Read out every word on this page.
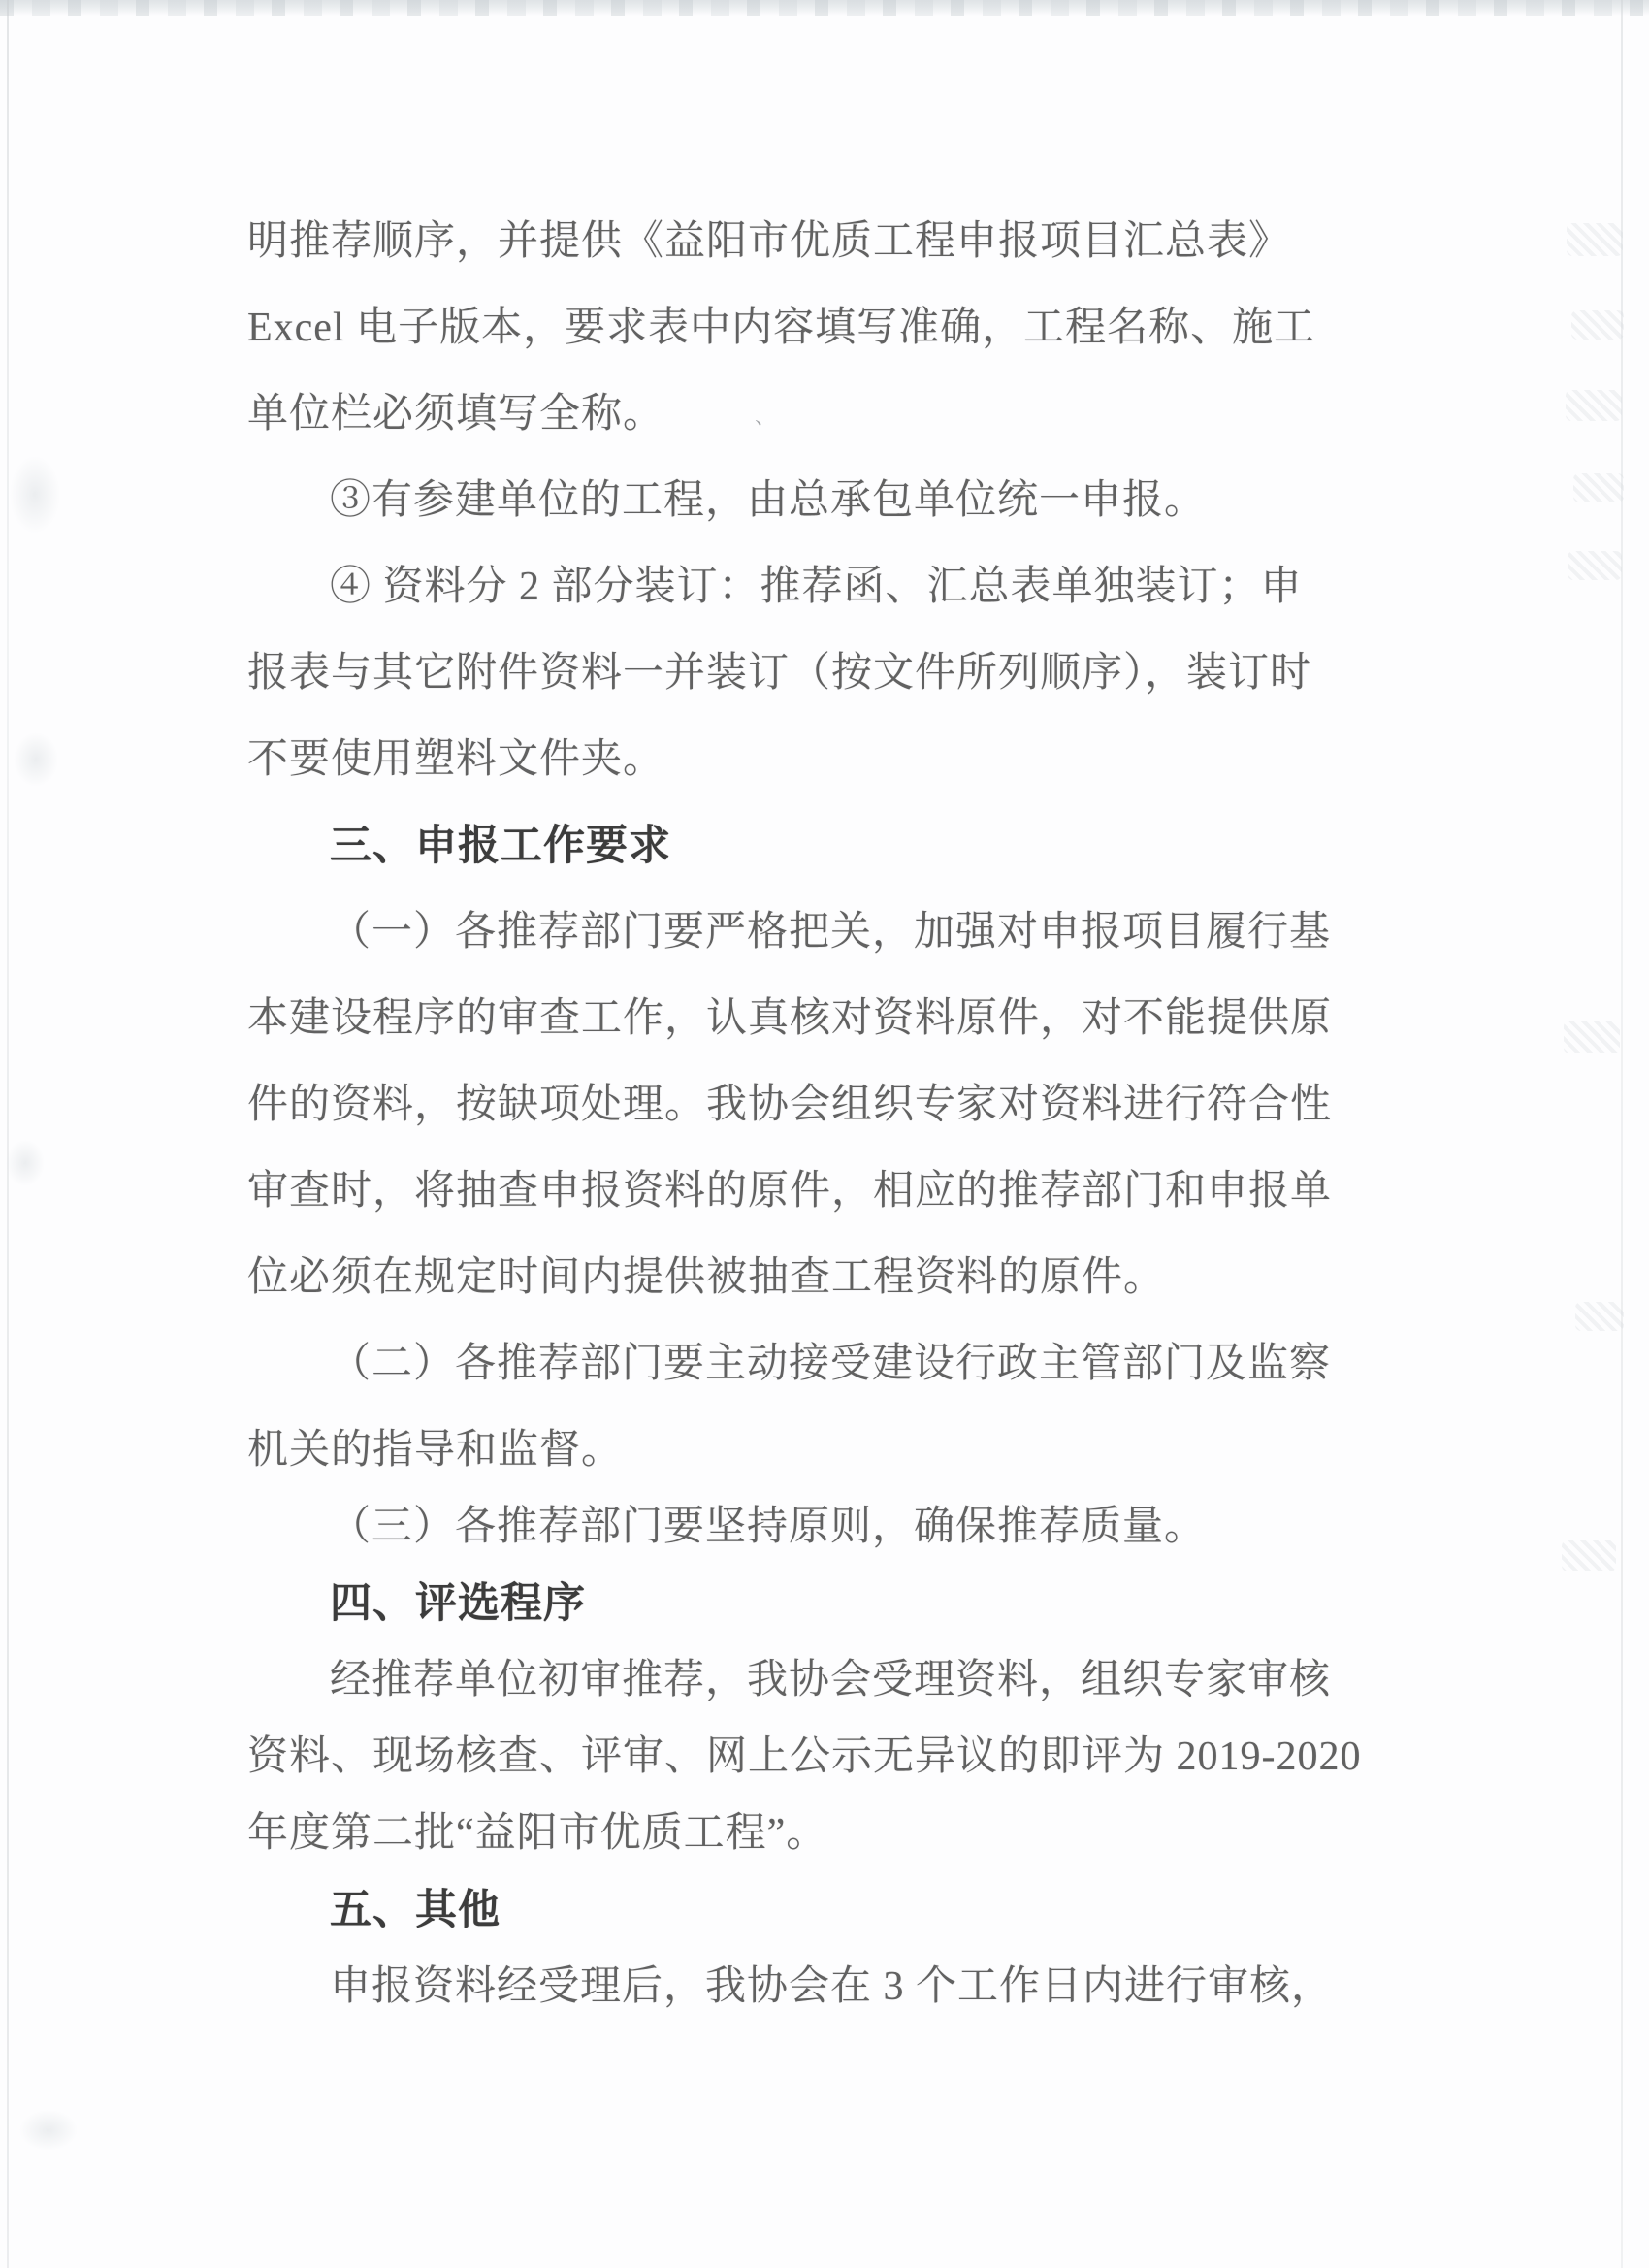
、
明推荐顺序，并提供《益阳市优质工程申报项目汇总表》
Excel 电子版本，要求表中内容填写准确，工程名称、施工
单位栏必须填写全称。
③有参建单位的工程，由总承包单位统一申报。
④ 资料分 2 部分装订：推荐函、汇总表单独装订；申
报表与其它附件资料一并装订（按文件所列顺序），装订时
不要使用塑料文件夹。
三、申报工作要求
（一）各推荐部门要严格把关，加强对申报项目履行基
本建设程序的审查工作，认真核对资料原件，对不能提供原
件的资料，按缺项处理。我协会组织专家对资料进行符合性
审查时，将抽查申报资料的原件，相应的推荐部门和申报单
位必须在规定时间内提供被抽查工程资料的原件。
（二）各推荐部门要主动接受建设行政主管部门及监察
机关的指导和监督。
（三）各推荐部门要坚持原则，确保推荐质量。
四、评选程序
经推荐单位初审推荐，我协会受理资料，组织专家审核
资料、现场核查、评审、网上公示无异议的即评为 2019-2020
年度第二批“益阳市优质工程”。
五、其他
申报资料经受理后，我协会在 3 个工作日内进行审核，
